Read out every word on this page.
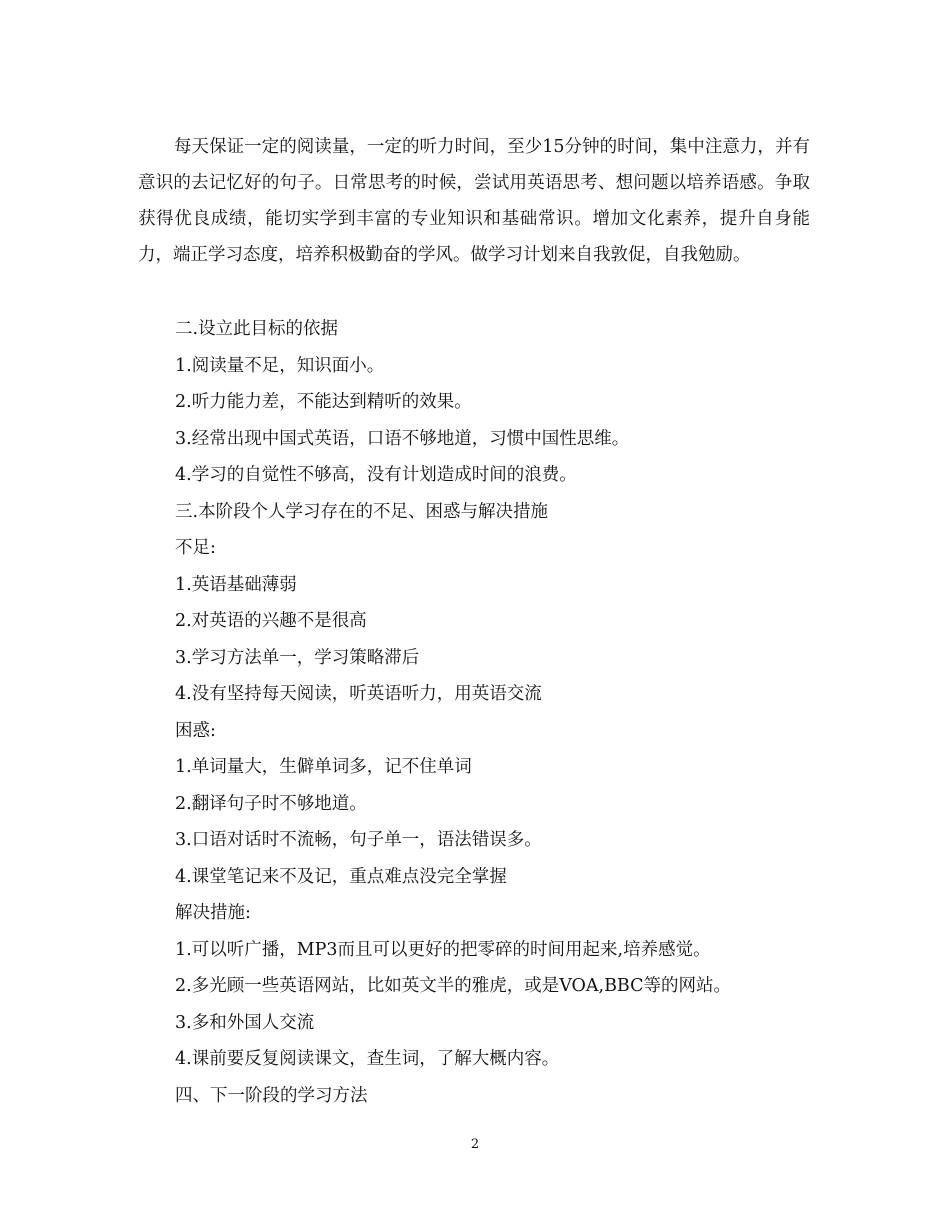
每天保证一定的阅读量，一定的听力时间，至少15分钟的时间，集中注意力，并有意识的去记忆好的句子。日常思考的时候，尝试用英语思考、想问题以培养语感。争取获得优良成绩，能切实学到丰富的专业知识和基础常识。增加文化素养，提升自身能力，端正学习态度，培养积极勤奋的学风。做学习计划来自我敦促，自我勉励。

二.设立此目标的依据
1.阅读量不足，知识面小。
2.听力能力差，不能达到精听的效果。
3.经常出现中国式英语，口语不够地道，习惯中国性思维。
4.学习的自觉性不够高，没有计划造成时间的浪费。
三.本阶段个人学习存在的不足、困惑与解决措施
不足:
1.英语基础薄弱
2.对英语的兴趣不是很高
3.学习方法单一，学习策略滞后
4.没有坚持每天阅读，听英语听力，用英语交流
困惑:
1.单词量大，生僻单词多，记不住单词
2.翻译句子时不够地道。
3.口语对话时不流畅，句子单一，语法错误多。
4.课堂笔记来不及记，重点难点没完全掌握
解决措施:
1.可以听广播，MP3而且可以更好的把零碎的时间用起来,培养感觉。
2.多光顾一些英语网站，比如英文半的雅虎，或是VOA,BBC等的网站。
3.多和外国人交流
4.课前要反复阅读课文，查生词，了解大概内容。
四、下一阶段的学习方法
2
